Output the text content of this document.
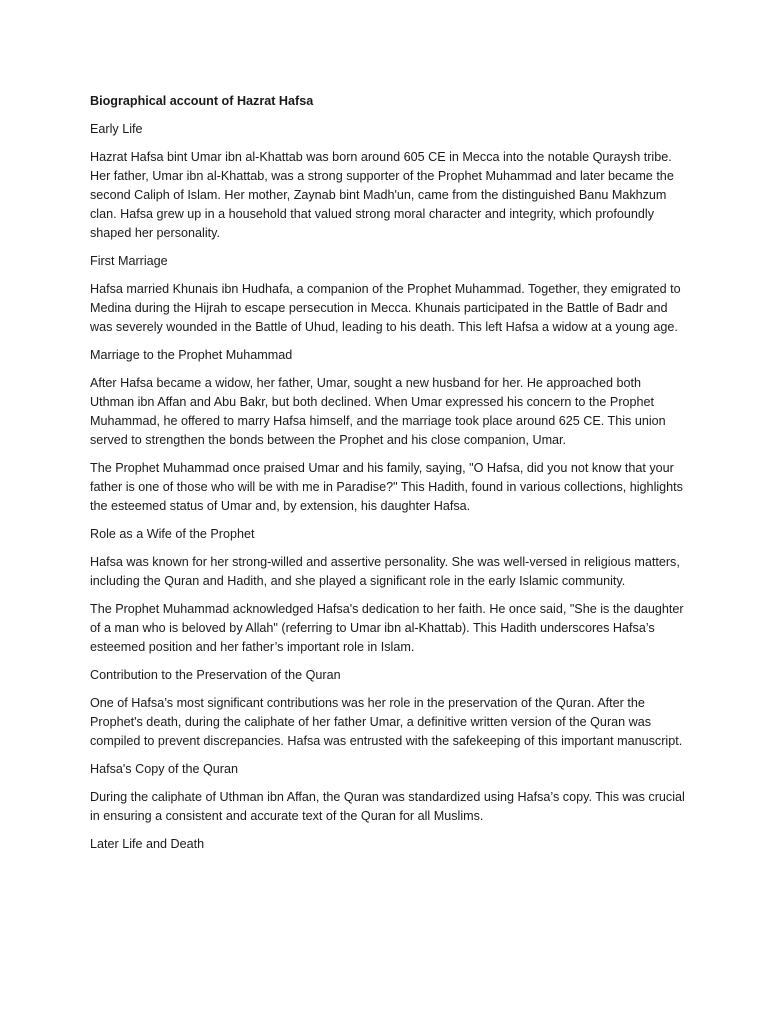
Biographical account of Hazrat Hafsa

Early Life

Hazrat Hafsa bint Umar ibn al-Khattab was born around 605 CE in Mecca into the notable Quraysh tribe. Her father, Umar ibn al-Khattab, was a strong supporter of the Prophet Muhammad and later became the second Caliph of Islam. Her mother, Zaynab bint Madh'un, came from the distinguished Banu Makhzum clan. Hafsa grew up in a household that valued strong moral character and integrity, which profoundly shaped her personality.

First Marriage

Hafsa married Khunais ibn Hudhafa, a companion of the Prophet Muhammad. Together, they emigrated to Medina during the Hijrah to escape persecution in Mecca. Khunais participated in the Battle of Badr and was severely wounded in the Battle of Uhud, leading to his death. This left Hafsa a widow at a young age.

Marriage to the Prophet Muhammad

After Hafsa became a widow, her father, Umar, sought a new husband for her. He approached both Uthman ibn Affan and Abu Bakr, but both declined. When Umar expressed his concern to the Prophet Muhammad, he offered to marry Hafsa himself, and the marriage took place around 625 CE. This union served to strengthen the bonds between the Prophet and his close companion, Umar.

The Prophet Muhammad once praised Umar and his family, saying, "O Hafsa, did you not know that your father is one of those who will be with me in Paradise?" This Hadith, found in various collections, highlights the esteemed status of Umar and, by extension, his daughter Hafsa.

Role as a Wife of the Prophet

Hafsa was known for her strong-willed and assertive personality. She was well-versed in religious matters, including the Quran and Hadith, and she played a significant role in the early Islamic community.

The Prophet Muhammad acknowledged Hafsa's dedication to her faith. He once said, "She is the daughter of a man who is beloved by Allah" (referring to Umar ibn al-Khattab). This Hadith underscores Hafsa’s esteemed position and her father’s important role in Islam.

Contribution to the Preservation of the Quran

One of Hafsa’s most significant contributions was her role in the preservation of the Quran. After the Prophet's death, during the caliphate of her father Umar, a definitive written version of the Quran was compiled to prevent discrepancies. Hafsa was entrusted with the safekeeping of this important manuscript.

Hafsa's Copy of the Quran

During the caliphate of Uthman ibn Affan, the Quran was standardized using Hafsa’s copy. This was crucial in ensuring a consistent and accurate text of the Quran for all Muslims.

Later Life and Death
